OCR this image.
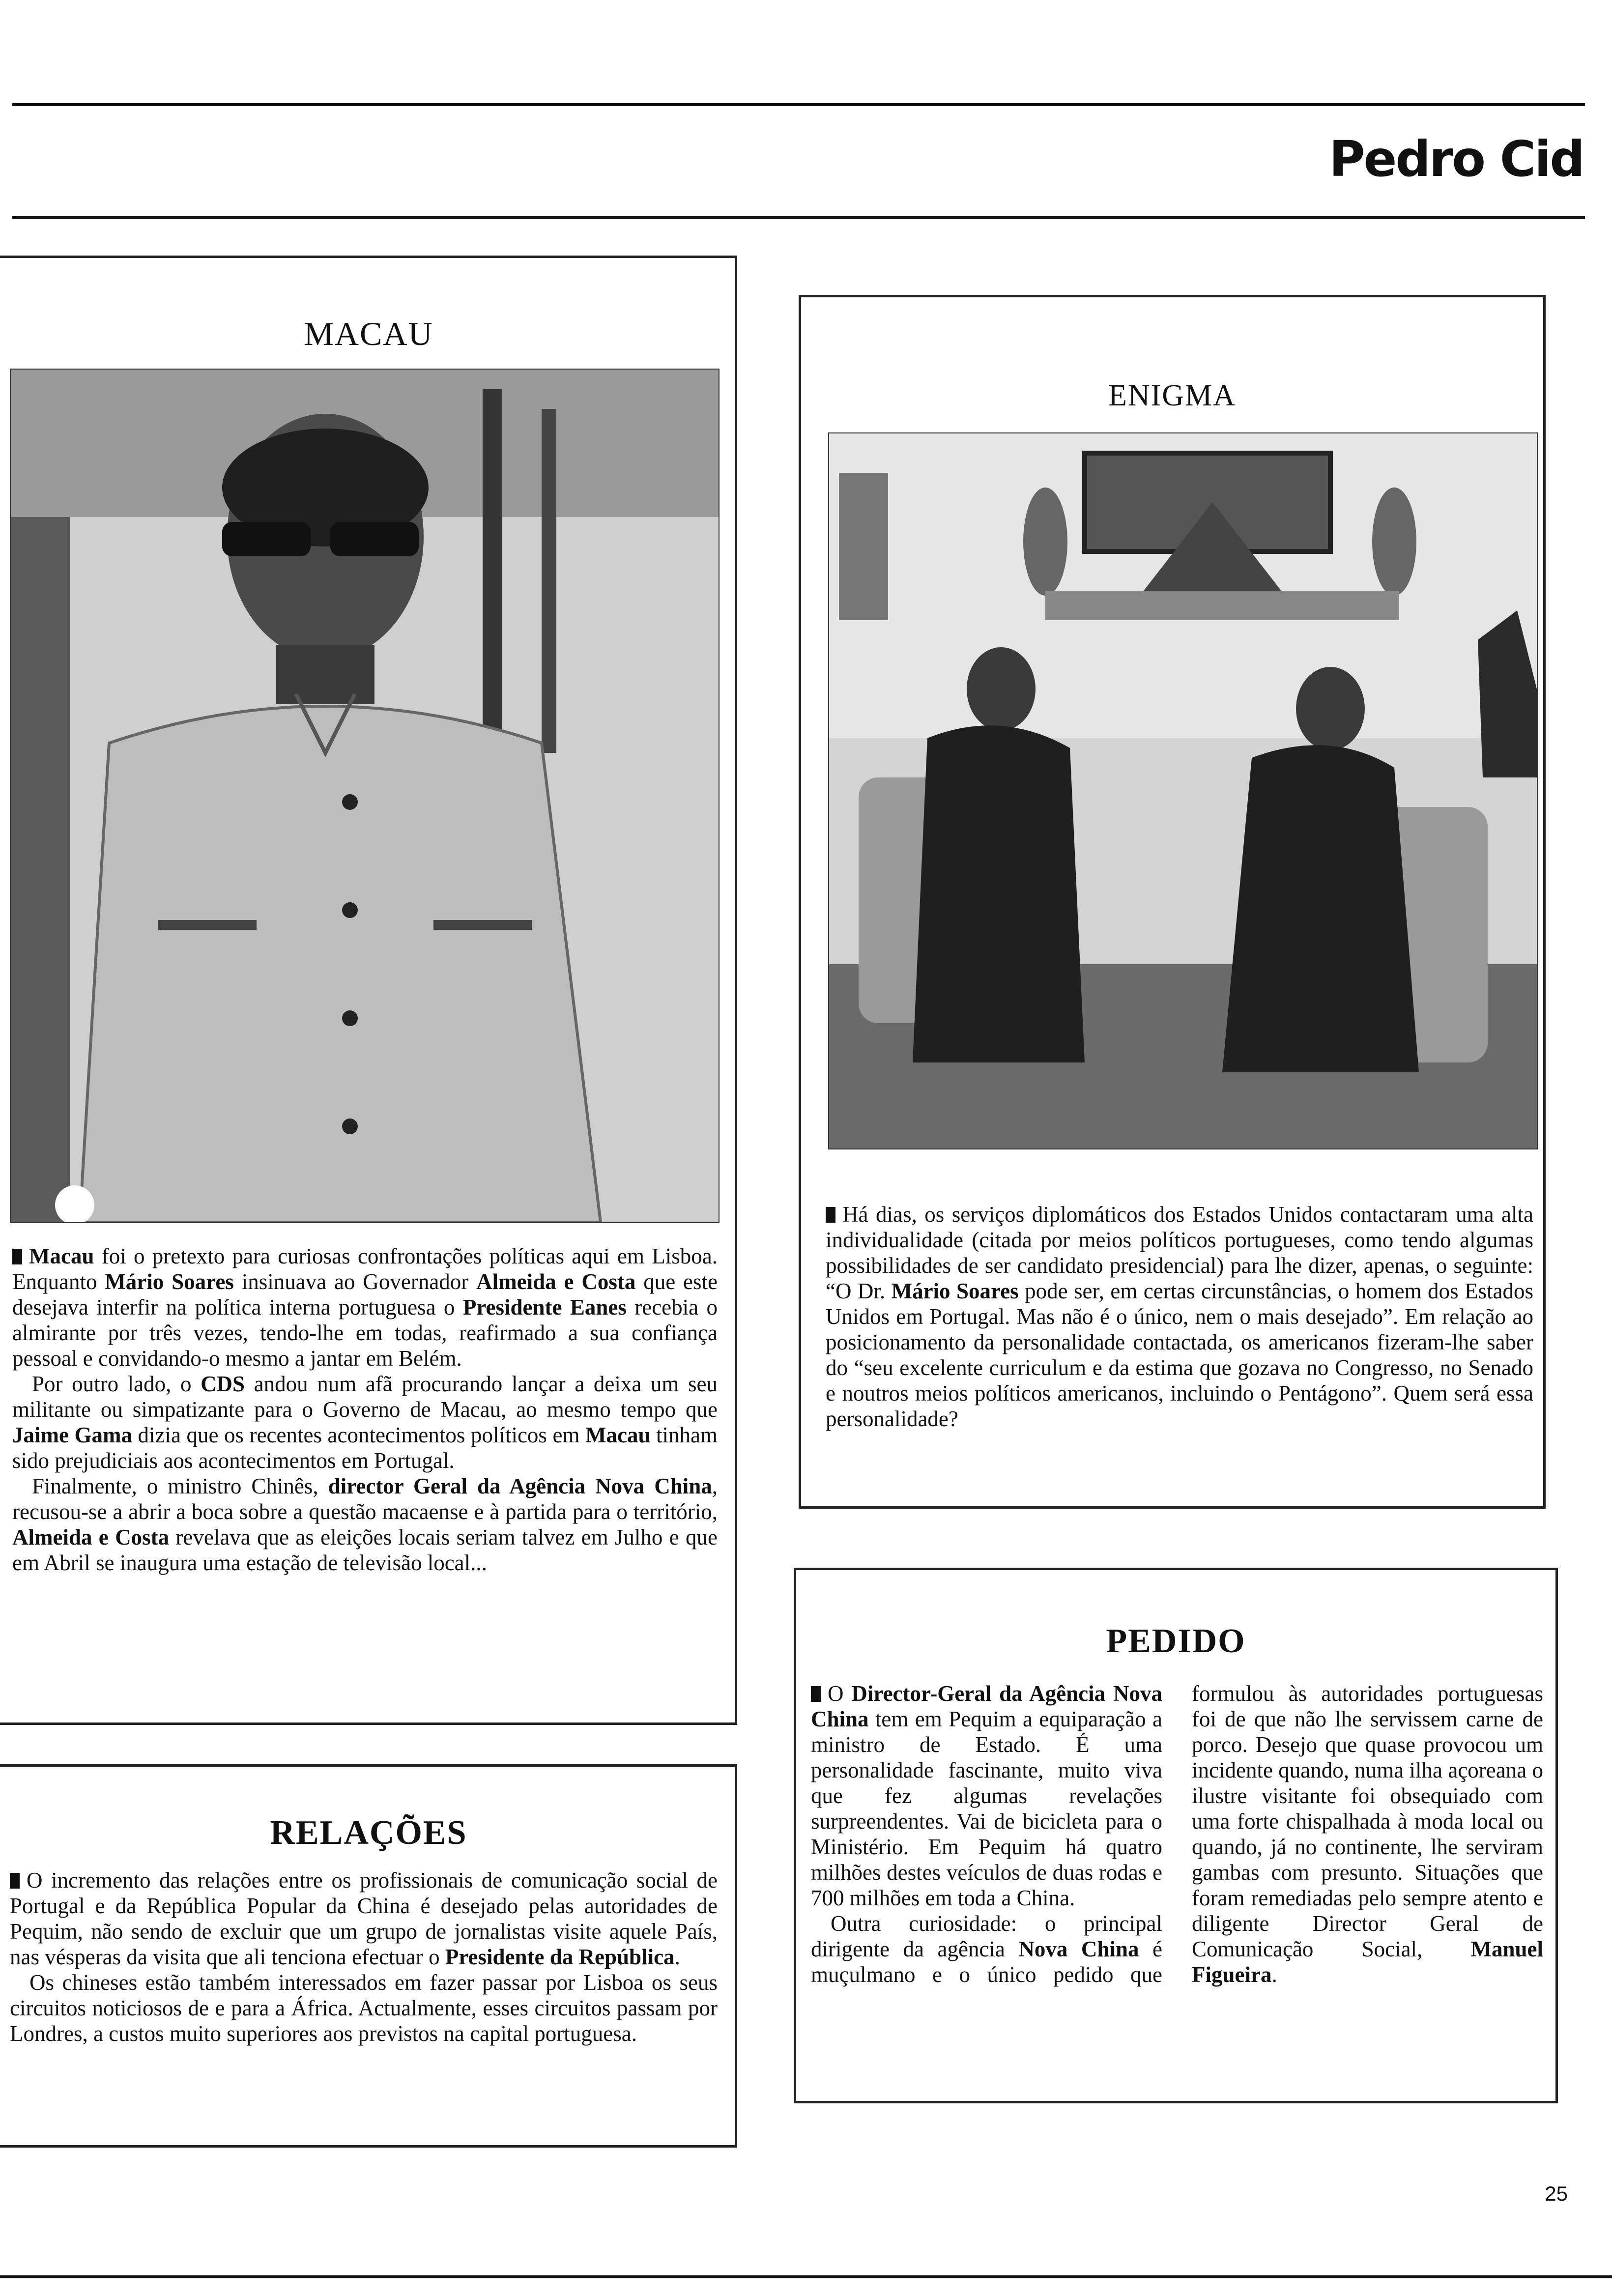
Pedro Cid
MACAU

Macau foi o pretexto para curiosas confrontações políticas aqui em Lisboa. Enquanto Mário Soares insinuava ao Governador Almeida e Costa que este desejava interfir na política interna portuguesa o Presidente Eanes recebia o almirante por três vezes, tendo-lhe em todas, reafirmado a sua confiança pessoal e convidando-o mesmo a jantar em Belém.

Por outro lado, o CDS andou num afã procurando lançar a deixa um seu militante ou simpatizante para o Governo de Macau, ao mesmo tempo que Jaime Gama dizia que os recentes acontecimentos políticos em Macau tinham sido prejudiciais aos acontecimentos em Portugal.

Finalmente, o ministro Chinês, director Geral da Agência Nova China, recusou-se a abrir a boca sobre a questão macaense e à partida para o território, Almeida e Costa revelava que as eleições locais seriam talvez em Julho e que em Abril se inaugura uma estação de televisão local...

ENIGMA

Há dias, os serviços diplomáticos dos Estados Unidos contactaram uma alta individualidade (citada por meios políticos portugueses, como tendo algumas possibilidades de ser candidato presidencial) para lhe dizer, apenas, o seguinte: “O Dr. Mário Soares pode ser, em certas circunstâncias, o homem dos Estados Unidos em Portugal. Mas não é o único, nem o mais desejado”. Em relação ao posicionamento da personalidade contactada, os americanos fizeram-lhe saber do “seu excelente curriculum e da estima que gozava no Congresso, no Senado e noutros meios políticos americanos, incluindo o Pentágono”. Quem será essa personalidade?

RELAÇÕES

O incremento das relações entre os profissionais de comunicação social de Portugal e da República Popular da China é desejado pelas autoridades de Pequim, não sendo de excluir que um grupo de jornalistas visite aquele País, nas vésperas da visita que ali tenciona efectuar o Presidente da República.

Os chineses estão também interessados em fazer passar por Lisboa os seus circuitos noticiosos de e para a África. Actualmente, esses circuitos passam por Londres, a custos muito superiores aos previstos na capital portuguesa.

PEDIDO

O Director-Geral da Agência Nova China tem em Pequim a equiparação a ministro de Estado. É uma personalidade fascinante, muito viva que fez algumas revelações surpreendentes. Vai de bicicleta para o Ministério. Em Pequim há quatro milhões destes veículos de duas rodas e 700 milhões em toda a China.

Outra curiosidade: o principal dirigente da agência Nova China é muçulmano e o único pedido que formulou às autoridades portuguesas foi de que não lhe servissem carne de porco. Desejo que quase provocou um incidente quando, numa ilha açoreana o ilustre visitante foi obsequiado com uma forte chispalhada à moda local ou quando, já no continente, lhe serviram gambas com presunto. Situações que foram remediadas pelo sempre atento e diligente Director Geral de Comunicação Social, Manuel Figueira.

25
